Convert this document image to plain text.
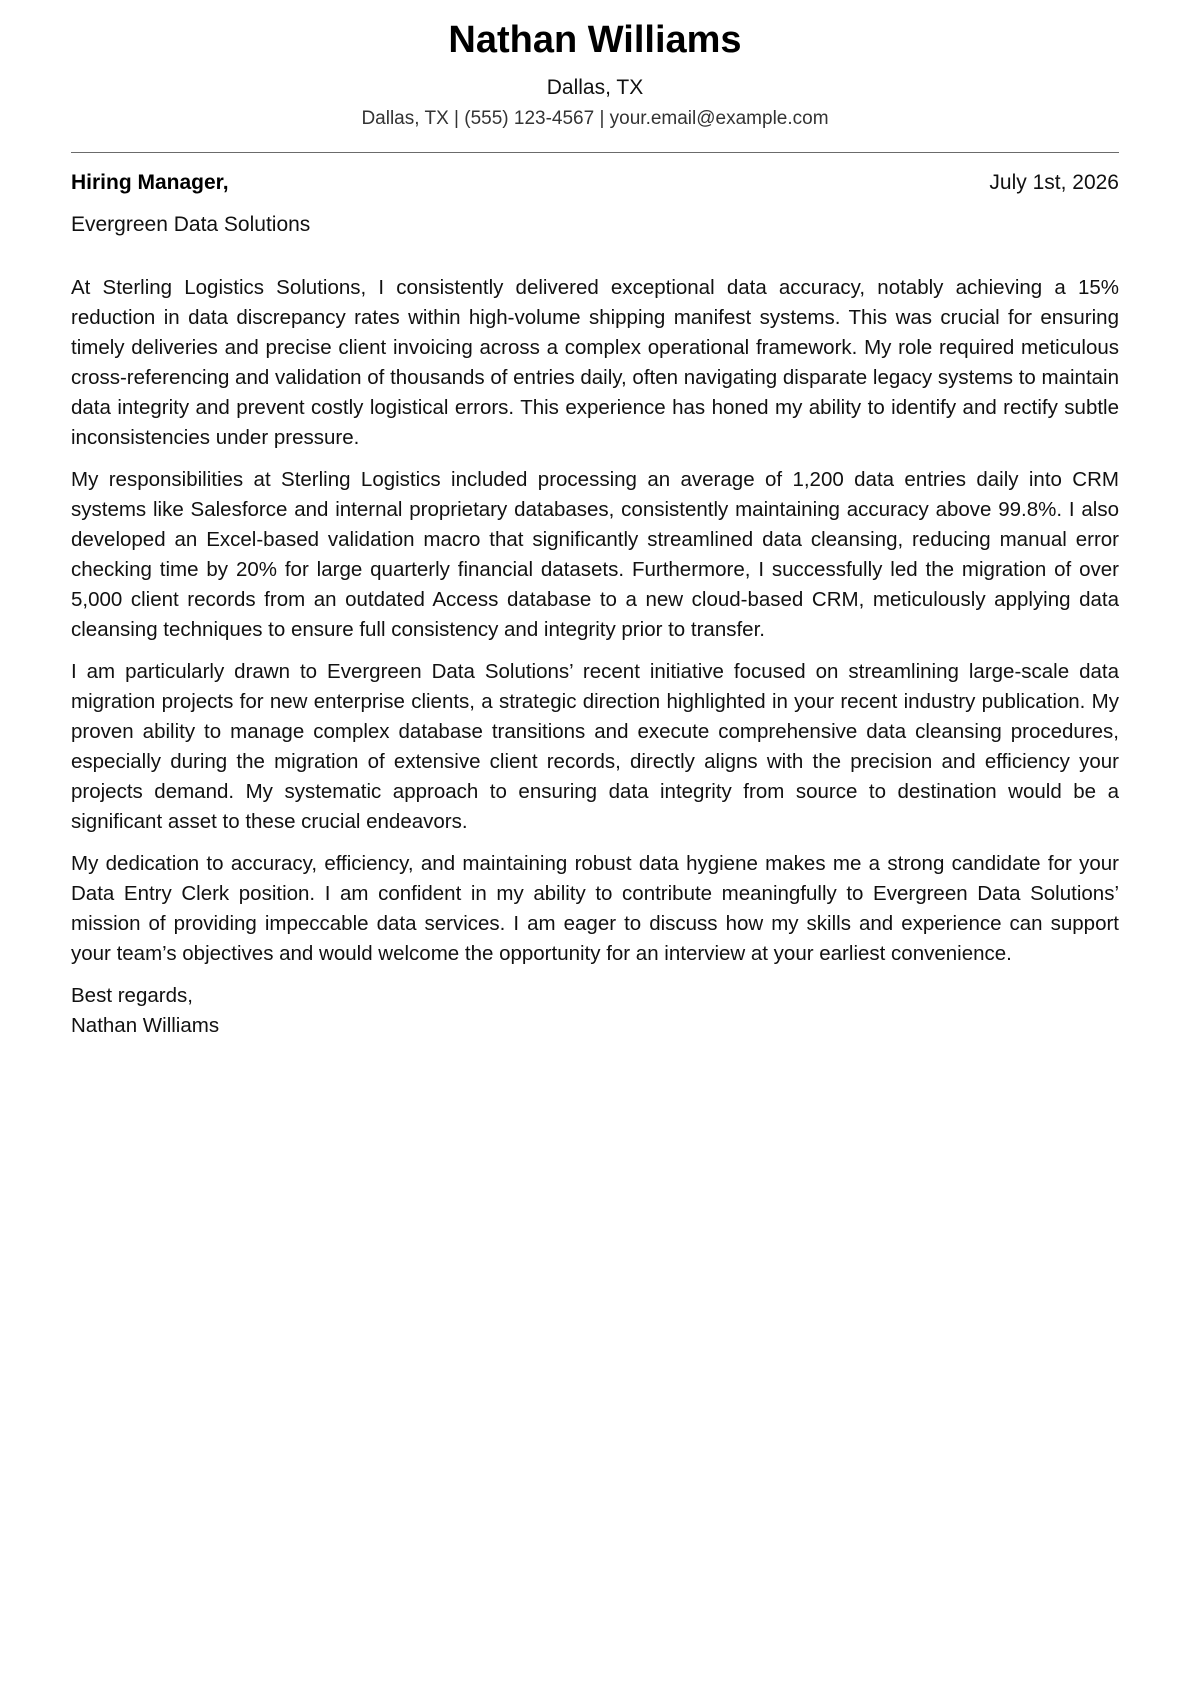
Nathan Williams
Dallas, TX
Dallas, TX | (555) 123-4567 | your.email@example.com
Hiring Manager,	July 1st, 2026
Evergreen Data Solutions

At Sterling Logistics Solutions, I consistently delivered exceptional data accuracy, notably achieving a 15% reduction in data discrepancy rates within high-volume shipping manifest systems. This was crucial for ensuring timely deliveries and precise client invoicing across a complex operational framework. My role required meticulous cross-referencing and validation of thousands of entries daily, often navigating disparate legacy systems to maintain data integrity and prevent costly logistical errors. This experience has honed my ability to identify and rectify subtle inconsistencies under pressure.

My responsibilities at Sterling Logistics included processing an average of 1,200 data entries daily into CRM systems like Salesforce and internal proprietary databases, consistently maintaining accuracy above 99.8%. I also developed an Excel-based validation macro that significantly streamlined data cleansing, reducing manual error checking time by 20% for large quarterly financial datasets. Furthermore, I successfully led the migration of over 5,000 client records from an outdated Access database to a new cloud-based CRM, meticulously applying data cleansing techniques to ensure full consistency and integrity prior to transfer.

I am particularly drawn to Evergreen Data Solutions’ recent initiative focused on streamlining large-scale data migration projects for new enterprise clients, a strategic direction highlighted in your recent industry publication. My proven ability to manage complex database transitions and execute comprehensive data cleansing procedures, especially during the migration of extensive client records, directly aligns with the precision and efficiency your projects demand. My systematic approach to ensuring data integrity from source to destination would be a significant asset to these crucial endeavors.

My dedication to accuracy, efficiency, and maintaining robust data hygiene makes me a strong candidate for your Data Entry Clerk position. I am confident in my ability to contribute meaningfully to Evergreen Data Solutions’ mission of providing impeccable data services. I am eager to discuss how my skills and experience can support your team’s objectives and would welcome the opportunity for an interview at your earliest convenience.

Best regards,
Nathan Williams
